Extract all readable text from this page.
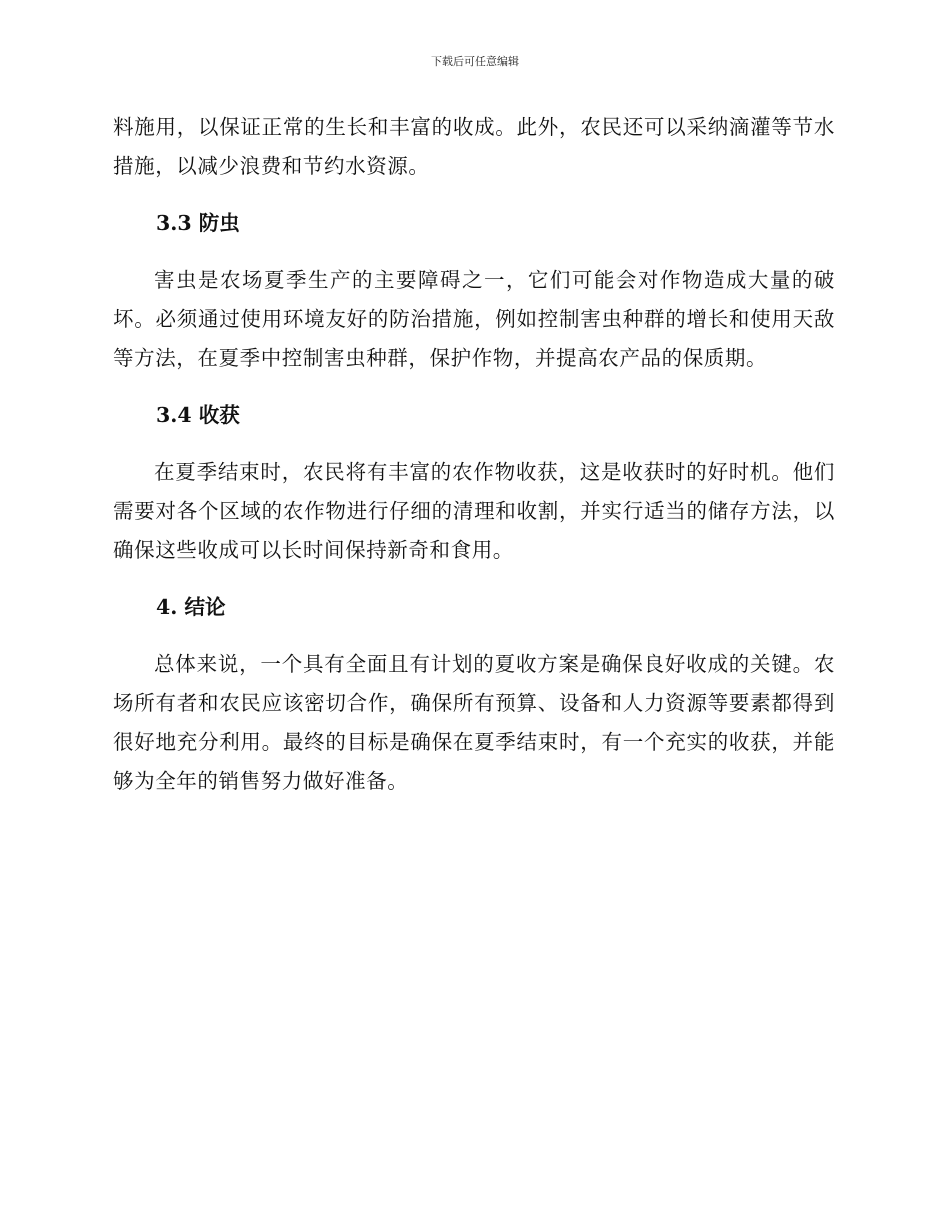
下载后可任意编辑

料施用，以保证正常的生长和丰富的收成。此外，农民还可以采纳滴灌等节水措施，以减少浪费和节约水资源。

3.3 防虫

害虫是农场夏季生产的主要障碍之一，它们可能会对作物造成大量的破坏。必须通过使用环境友好的防治措施，例如控制害虫种群的增长和使用天敌等方法，在夏季中控制害虫种群，保护作物，并提高农产品的保质期。

3.4 收获

在夏季结束时，农民将有丰富的农作物收获，这是收获时的好时机。他们需要对各个区域的农作物进行仔细的清理和收割，并实行适当的储存方法，以确保这些收成可以长时间保持新奇和食用。

4. 结论

总体来说，一个具有全面且有计划的夏收方案是确保良好收成的关键。农场所有者和农民应该密切合作，确保所有预算、设备和人力资源等要素都得到很好地充分利用。最终的目标是确保在夏季结束时，有一个充实的收获，并能够为全年的销售努力做好准备。
